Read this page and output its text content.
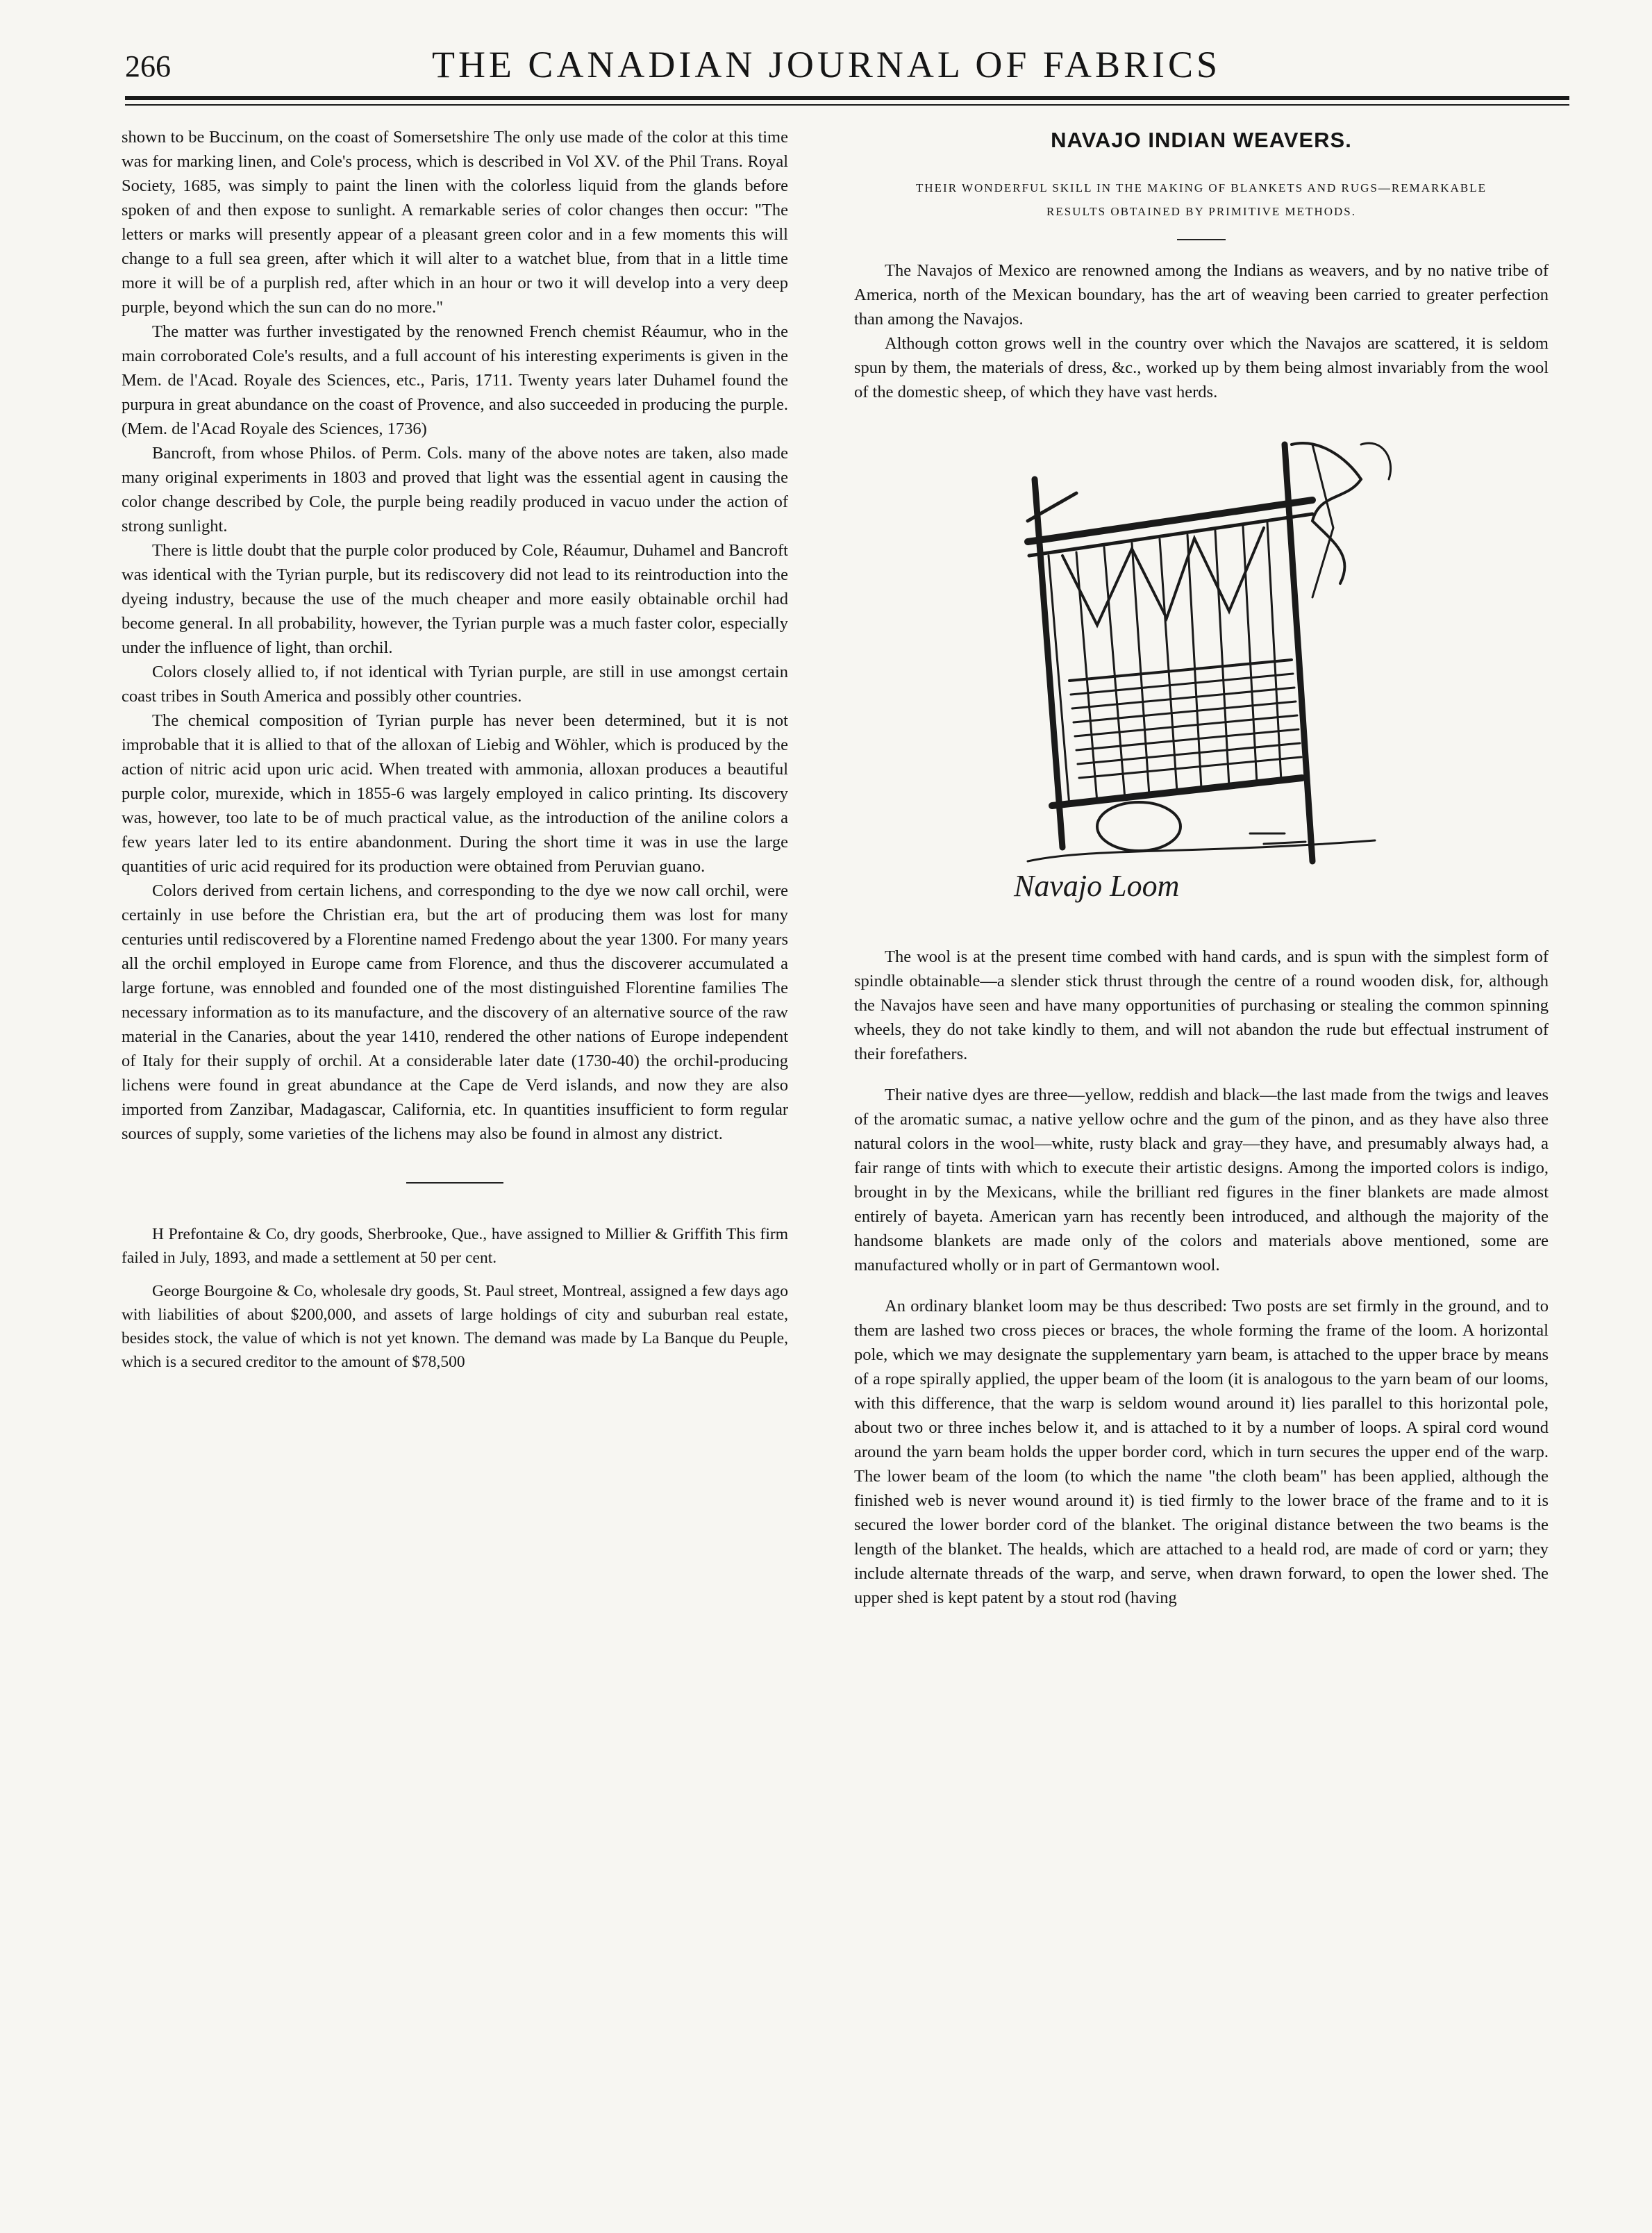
266	THE CANADIAN JOURNAL OF FABRICS

shown to be Buccinum, on the coast of Somersetshire The only use made of the color at this time was for marking linen, and Cole's process, which is described in Vol XV. of the Phil Trans. Royal Society, 1685, was simply to paint the linen with the colorless liquid from the glands before spoken of and then expose to sunlight. A remarkable series of color changes then occur: "The letters or marks will presently appear of a pleasant green color and in a few moments this will change to a full sea green, after which it will alter to a watchet blue, from that in a little time more it will be of a purplish red, after which in an hour or two it will develop into a very deep purple, beyond which the sun can do no more."

The matter was further investigated by the renowned French chemist Réaumur, who in the main corroborated Cole's results, and a full account of his interesting experiments is given in the Mem. de l'Acad. Royale des Sciences, etc., Paris, 1711. Twenty years later Duhamel found the purpura in great abundance on the coast of Provence, and also succeeded in producing the purple. (Mem. de l'Acad Royale des Sciences, 1736)

Bancroft, from whose Philos. of Perm. Cols. many of the above notes are taken, also made many original experiments in 1803 and proved that light was the essential agent in causing the color change described by Cole, the purple being readily produced in vacuo under the action of strong sunlight.

There is little doubt that the purple color produced by Cole, Réaumur, Duhamel and Bancroft was identical with the Tyrian purple, but its rediscovery did not lead to its reintroduction into the dyeing industry, because the use of the much cheaper and more easily obtainable orchil had become general. In all probability, however, the Tyrian purple was a much faster color, especially under the influence of light, than orchil.

Colors closely allied to, if not identical with Tyrian purple, are still in use amongst certain coast tribes in South America and possibly other countries.

The chemical composition of Tyrian purple has never been determined, but it is not improbable that it is allied to that of the alloxan of Liebig and Wöhler, which is produced by the action of nitric acid upon uric acid. When treated with ammonia, alloxan produces a beautiful purple color, murexide, which in 1855-6 was largely employed in calico printing. Its discovery was, however, too late to be of much practical value, as the introduction of the aniline colors a few years later led to its entire abandonment. During the short time it was in use the large quantities of uric acid required for its production were obtained from Peruvian guano.

Colors derived from certain lichens, and corresponding to the dye we now call orchil, were certainly in use before the Christian era, but the art of producing them was lost for many centuries until rediscovered by a Florentine named Fredengo about the year 1300. For many years all the orchil employed in Europe came from Florence, and thus the discoverer accumulated a large fortune, was ennobled and founded one of the most distinguished Florentine families The necessary information as to its manufacture, and the discovery of an alternative source of the raw material in the Canaries, about the year 1410, rendered the other nations of Europe independent of Italy for their supply of orchil. At a considerable later date (1730-40) the orchil-producing lichens were found in great abundance at the Cape de Verd islands, and now they are also imported from Zanzibar, Madagascar, California, etc. In quantities insufficient to form regular sources of supply, some varieties of the lichens may also be found in almost any district.

H Prefontaine & Co, dry goods, Sherbrooke, Que., have assigned to Millier & Griffith This firm failed in July, 1893, and made a settlement at 50 per cent.

George Bourgoine & Co, wholesale dry goods, St. Paul street, Montreal, assigned a few days ago with liabilities of about $200,000, and assets of large holdings of city and suburban real estate, besides stock, the value of which is not yet known. The demand was made by La Banque du Peuple, which is a secured creditor to the amount of $78,500

NAVAJO INDIAN WEAVERS.
THEIR WONDERFUL SKILL IN THE MAKING OF BLANKETS AND RUGS—REMARKABLE RESULTS OBTAINED BY PRIMITIVE METHODS.

The Navajos of Mexico are renowned among the Indians as weavers, and by no native tribe of America, north of the Mexican boundary, has the art of weaving been carried to greater perfection than among the Navajos.

Although cotton grows well in the country over which the Navajos are scattered, it is seldom spun by them, the materials of dress, &c., worked up by them being almost invariably from the wool of the domestic sheep, of which they have vast herds.

Navajo Loom

The wool is at the present time combed with hand cards, and is spun with the simplest form of spindle obtainable—a slender stick thrust through the centre of a round wooden disk, for, although the Navajos have seen and have many opportunities of purchasing or stealing the common spinning wheels, they do not take kindly to them, and will not abandon the rude but effectual instrument of their forefathers.

Their native dyes are three—yellow, reddish and black—the last made from the twigs and leaves of the aromatic sumac, a native yellow ochre and the gum of the pinon, and as they have also three natural colors in the wool—white, rusty black and gray—they have, and presumably always had, a fair range of tints with which to execute their artistic designs. Among the imported colors is indigo, brought in by the Mexicans, while the brilliant red figures in the finer blankets are made almost entirely of bayeta. American yarn has recently been introduced, and although the majority of the handsome blankets are made only of the colors and materials above mentioned, some are manufactured wholly or in part of Germantown wool.

An ordinary blanket loom may be thus described: Two posts are set firmly in the ground, and to them are lashed two cross pieces or braces, the whole forming the frame of the loom. A horizontal pole, which we may designate the supplementary yarn beam, is attached to the upper brace by means of a rope spirally applied, the upper beam of the loom (it is analogous to the yarn beam of our looms, with this difference, that the warp is seldom wound around it) lies parallel to this horizontal pole, about two or three inches below it, and is attached to it by a number of loops. A spiral cord wound around the yarn beam holds the upper border cord, which in turn secures the upper end of the warp. The lower beam of the loom (to which the name "the cloth beam" has been applied, although the finished web is never wound around it) is tied firmly to the lower brace of the frame and to it is secured the lower border cord of the blanket. The original distance between the two beams is the length of the blanket. The healds, which are attached to a heald rod, are made of cord or yarn; they include alternate threads of the warp, and serve, when drawn forward, to open the lower shed. The upper shed is kept patent by a stout rod (having
